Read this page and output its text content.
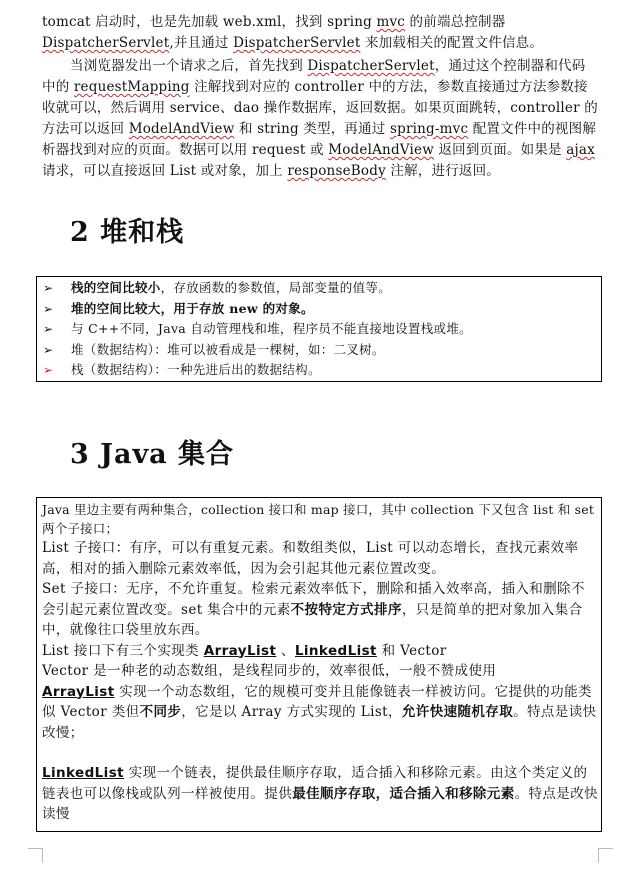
tomcat 启动时，也是先加载 web.xml，找到 spring mvc 的前端总控制器 DispatcherServlet,并且通过 DispatcherServlet 来加载相关的配置文件信息。

当浏览器发出一个请求之后，首先找到 DispatcherServlet，通过这个控制器和代码中的 requestMapping 注解找到对应的 controller 中的方法，参数直接通过方法参数接收就可以，然后调用 service、dao 操作数据库，返回数据。如果页面跳转，controller 的方法可以返回 ModelAndView 和 string 类型，再通过 spring-mvc 配置文件中的视图解析器找到对应的页面。数据可以用 request 或 ModelAndView 返回到页面。如果是 ajax 请求，可以直接返回 List 或对象，加上 responseBody 注解，进行返回。

2 堆和栈
➢ 栈的空间比较小，存放函数的参数值，局部变量的值等。
➢ 堆的空间比较大，用于存放 new 的对象。
➢ 与 C++不同，Java 自动管理栈和堆，程序员不能直接地设置栈或堆。
➢ 堆（数据结构）：堆可以被看成是一棵树，如：二叉树。
➢ 栈（数据结构）：一种先进后出的数据结构。
3 Java 集合

Java 里边主要有两种集合，collection 接口和 map 接口，其中 collection 下又包含 list 和 set 两个子接口；

List 子接口：有序，可以有重复元素。和数组类似，List 可以动态增长，查找元素效率高，相对的插入删除元素效率低，因为会引起其他元素位置改变。

Set 子接口：无序，不允许重复。检索元素效率低下，删除和插入效率高，插入和删除不会引起元素位置改变。set 集合中的元素不按特定方式排序，只是简单的把对象加入集合中，就像往口袋里放东西。

List 接口下有三个实现类 ArrayList 、LinkedList 和 Vector

Vector 是一种老的动态数组，是线程同步的，效率很低，一般不赞成使用

ArrayList 实现一个动态数组，它的规模可变并且能像链表一样被访问。它提供的功能类似 Vector 类但不同步，它是以 Array 方式实现的 List，允许快速随机存取。特点是读快改慢；

LinkedList 实现一个链表，提供最佳顺序存取，适合插入和移除元素。由这个类定义的链表也可以像栈或队列一样被使用。提供最佳顺序存取，适合插入和移除元素。特点是改快读慢
